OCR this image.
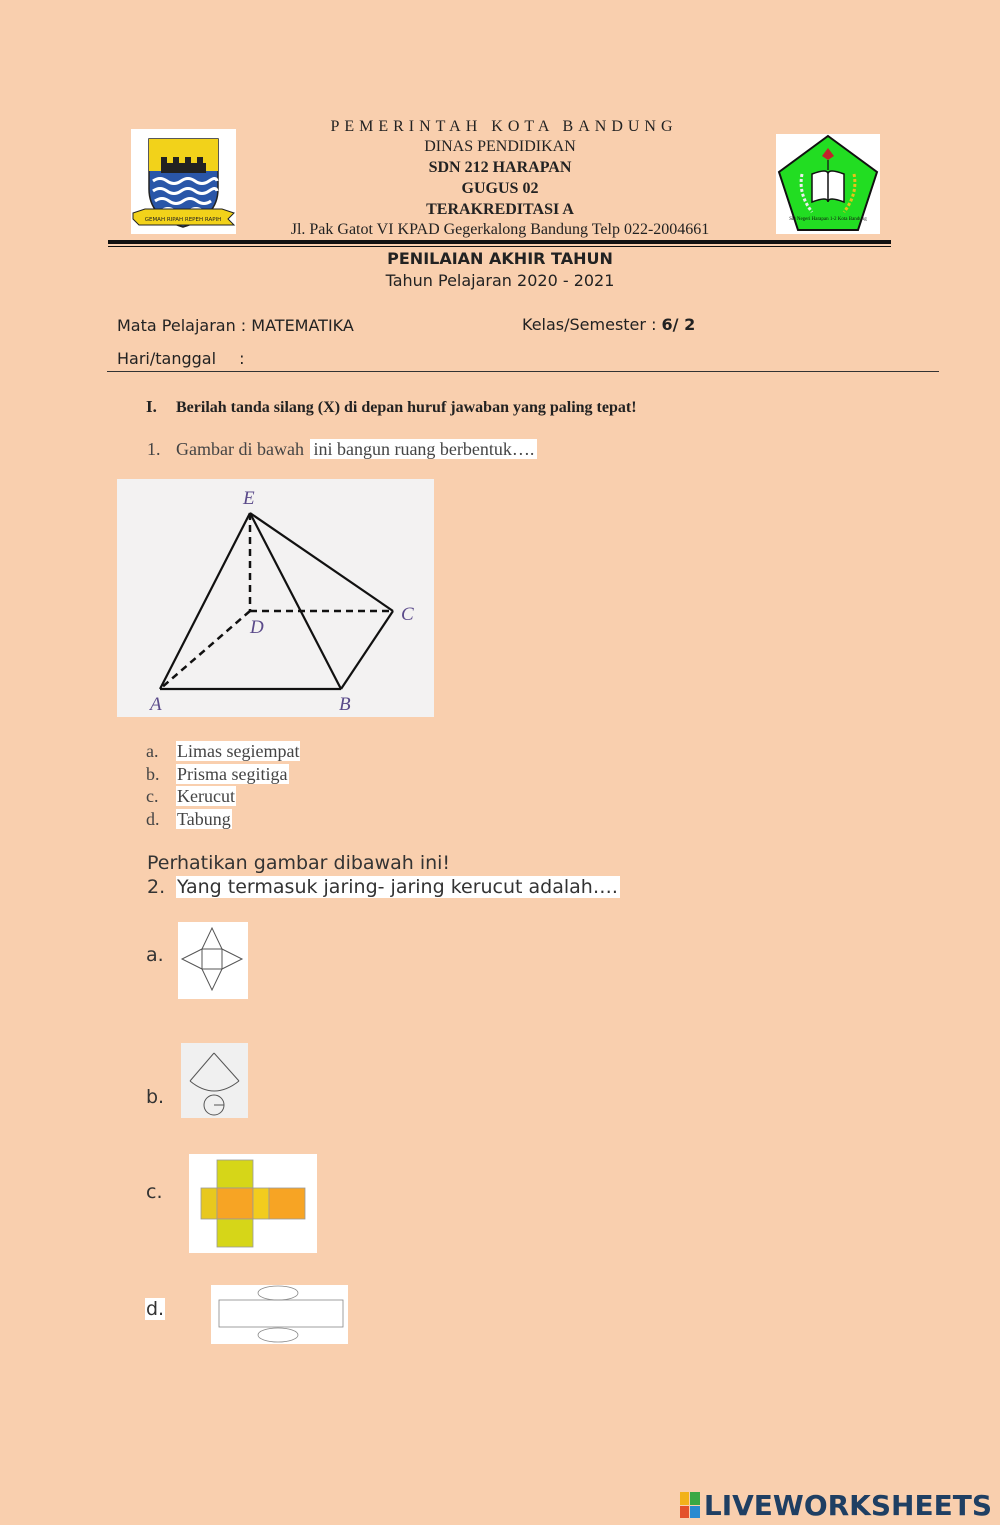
GEMAH RIPAH REPEH RAPIH	SD Negeri Harapan 1-2 Kota Bandung
PEMERINTAH KOTA BANDUNG
DINAS PENDIDIKAN
SDN 212 HARAPAN
GUGUS 02
TERAKREDITASI A
Jl. Pak Gatot VI KPAD Gegerkalong Bandung Telp 022-2004661
PENILAIAN AKHIR TAHUN
Tahun Pelajaran 2020 - 2021
Mata Pelajaran : MATEMATIKA	Kelas/Semester : 6/ 2
Hari/tanggal :
I. Berilah tanda silang (X) di depan huruf jawaban yang paling tepat!
1. Gambar di bawah ini bangun ruang berbentuk….
E
D
C
A	B
a. Limas segiempat
b. Prisma segitiga
c. Kerucut
d. Tabung
Perhatikan gambar dibawah ini!
2. Yang termasuk jaring- jaring kerucut adalah….
a.
b.
c.
d.
LIVEWORKSHEETS
